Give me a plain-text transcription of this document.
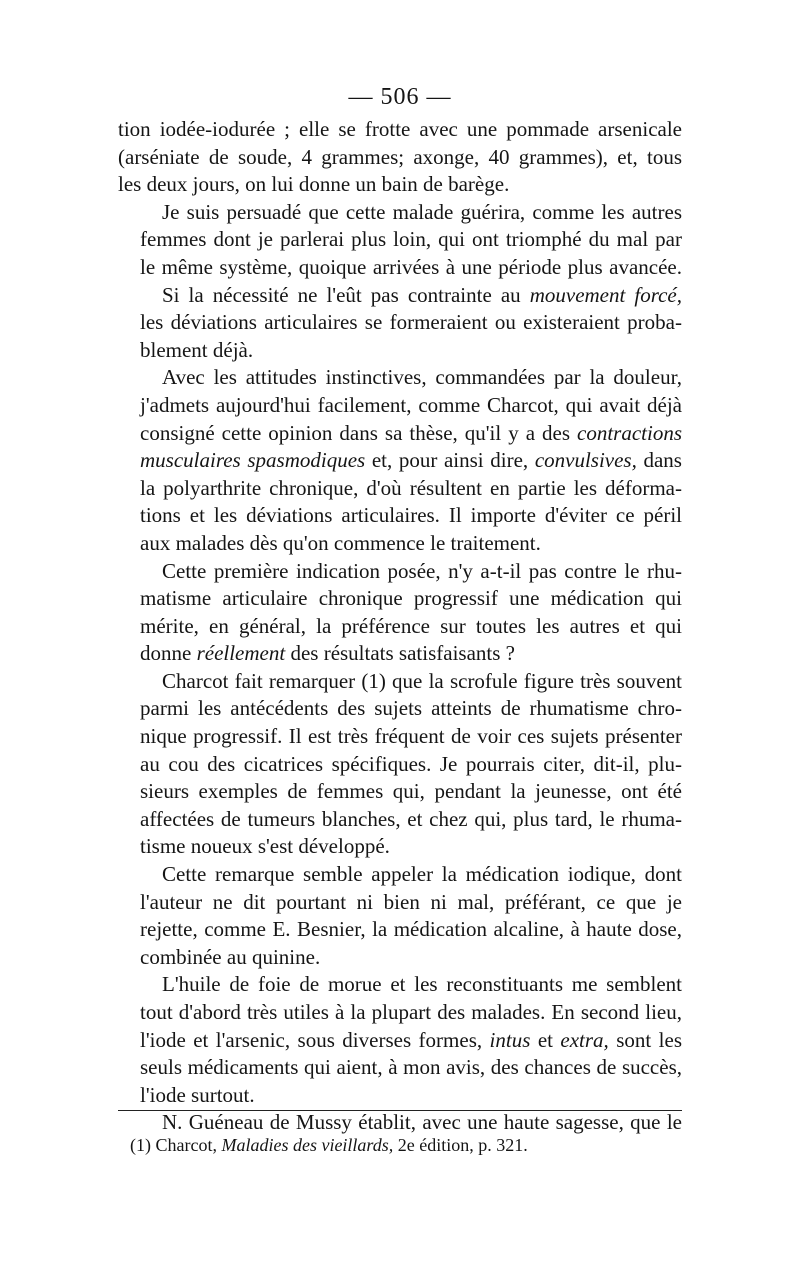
— 506 —

tion iodée-iodurée ; elle se frotte avec une pommade arsenicale
(arséniate de soude, 4 grammes; axonge, 40 grammes), et, tous
les deux jours, on lui donne un bain de barège.

Je suis persuadé que cette malade guérira, comme les autres
femmes dont je parlerai plus loin, qui ont triomphé du mal par
le même système, quoique arrivées à une période plus avancée.

Si la nécessité ne l'eût pas contrainte au mouvement forcé,
les déviations articulaires se formeraient ou existeraient proba-
blement déjà.

Avec les attitudes instinctives, commandées par la douleur,
j'admets aujourd'hui facilement, comme Charcot, qui avait déjà
consigné cette opinion dans sa thèse, qu'il y a des contractions
musculaires spasmodiques et, pour ainsi dire, convulsives, dans
la polyarthrite chronique, d'où résultent en partie les déforma-
tions et les déviations articulaires. Il importe d'éviter ce péril
aux malades dès qu'on commence le traitement.

Cette première indication posée, n'y a-t-il pas contre le rhu-
matisme articulaire chronique progressif une médication qui
mérite, en général, la préférence sur toutes les autres et qui
donne réellement des résultats satisfaisants ?

Charcot fait remarquer (1) que la scrofule figure très souvent
parmi les antécédents des sujets atteints de rhumatisme chro-
nique progressif. Il est très fréquent de voir ces sujets présenter
au cou des cicatrices spécifiques. Je pourrais citer, dit-il, plu-
sieurs exemples de femmes qui, pendant la jeunesse, ont été
affectées de tumeurs blanches, et chez qui, plus tard, le rhuma-
tisme noueux s'est développé.

Cette remarque semble appeler la médication iodique, dont
l'auteur ne dit pourtant ni bien ni mal, préférant, ce que je
rejette, comme E. Besnier, la médication alcaline, à haute dose,
combinée au quinine.

L'huile de foie de morue et les reconstituants me semblent
tout d'abord très utiles à la plupart des malades. En second lieu,
l'iode et l'arsenic, sous diverses formes, intus et extra, sont les
seuls médicaments qui aient, à mon avis, des chances de succès,
l'iode surtout.

N. Guéneau de Mussy établit, avec une haute sagesse, que le

(1) Charcot, Maladies des vieillards, 2e édition, p. 321.
